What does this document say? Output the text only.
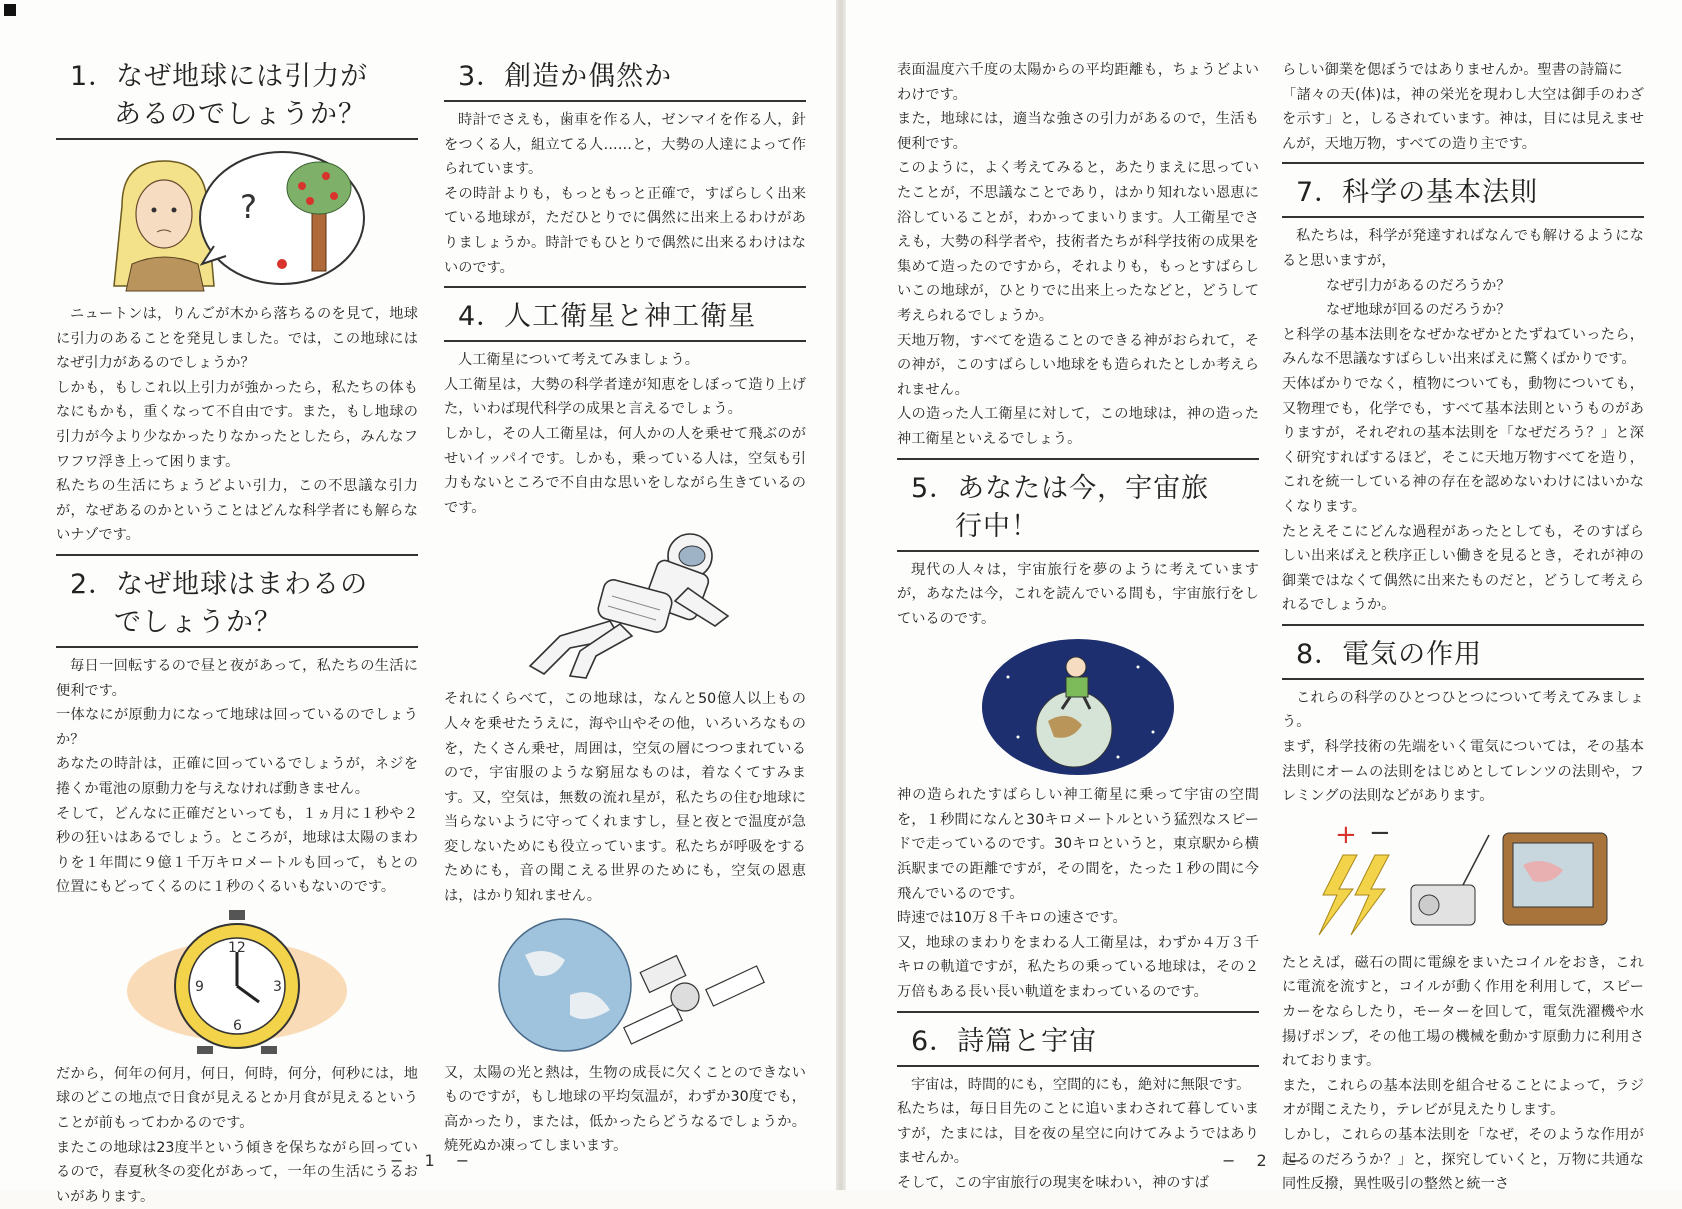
1．なぜ地球には引力が
あるのでしょうか？
?

ニュートンは，りんごが木から落ちるのを見て，地球に引力のあることを発見しました。では，この地球にはなぜ引力があるのでしょうか？

しかも，もしこれ以上引力が強かったら，私たちの体もなにもかも，重くなって不自由です。また，もし地球の引力が今より少なかったりなかったとしたら，みんなフワフワ浮き上って困ります。

私たちの生活にちょうどよい引力，この不思議な引力が，なぜあるのかということはどんな科学者にも解らないナゾです。

2．なぜ地球はまわるの
でしょうか？

毎日一回転するので昼と夜があって，私たちの生活に便利です。

一体なにが原動力になって地球は回っているのでしょうか？

あなたの時計は，正確に回っているでしょうが，ネジを捲くか電池の原動力を与えなければ動きません。

そして，どんなに正確だといっても，１ヵ月に１秒や２秒の狂いはあるでしょう。ところが，地球は太陽のまわりを１年間に９億１千万キロメートルも回って，もとの位置にもどってくるのに１秒のくるいもないのです。

12
3
6
9

だから，何年の何月，何日，何時，何分，何秒には，地球のどこの地点で日食が見えるとか月食が見えるということが前もってわかるのです。

またこの地球は23度半という傾きを保ちながら回っているので，春夏秋冬の変化があって，一年の生活にうるおいがあります。

3．創造か偶然か

時計でさえも，歯車を作る人，ゼンマイを作る人，針をつくる人，組立てる人……と，大勢の人達によって作られています。

その時計よりも，もっともっと正確で，すばらしく出来ている地球が，ただひとりでに偶然に出来上るわけがありましょうか。時計でもひとりで偶然に出来るわけはないのです。

4．人工衛星と神工衛星

人工衛星について考えてみましょう。

人工衛星は，大勢の科学者達が知恵をしぼって造り上げた，いわば現代科学の成果と言えるでしょう。

しかし，その人工衛星は，何人かの人を乗せて飛ぶのがせいイッパイです。しかも，乗っている人は，空気も引力もないところで不自由な思いをしながら生きているのです。

それにくらべて，この地球は，なんと50億人以上もの人々を乗せたうえに，海や山やその他，いろいろなものを，たくさん乗せ，周囲は，空気の層につつまれているので，宇宙服のような窮屈なものは，着なくてすみます。又，空気は，無数の流れ星が，私たちの住む地球に当らないように守ってくれますし，昼と夜とで温度が急変しないためにも役立っています。私たちが呼吸をするためにも，音の聞こえる世界のためにも，空気の恩恵は，はかり知れません。

又，太陽の光と熱は，生物の成長に欠くことのできないものですが，もし地球の平均気温が，わずか30度でも，高かったり，または，低かったらどうなるでしょうか。焼死ぬか凍ってしまいます。

− 1 −

表面温度六千度の太陽からの平均距離も，ちょうどよいわけです。

また，地球には，適当な強さの引力があるので，生活も便利です。

このように，よく考えてみると，あたりまえに思っていたことが，不思議なことであり，はかり知れない恩恵に浴していることが，わかってまいります。人工衛星でさえも，大勢の科学者や，技術者たちが科学技術の成果を集めて造ったのですから，それよりも，もっとすばらしいこの地球が，ひとりでに出来上ったなどと，どうして考えられるでしょうか。

天地万物，すべてを造ることのできる神がおられて，その神が，このすばらしい地球をも造られたとしか考えられません。

人の造った人工衛星に対して，この地球は，神の造った神工衛星といえるでしょう。

5．あなたは今，宇宙旅
行中！

現代の人々は，宇宙旅行を夢のように考えていますが，あなたは今，これを読んでいる間も，宇宙旅行をしているのです。

神の造られたすばらしい神工衛星に乗って宇宙の空間を，１秒間になんと30キロメートルという猛烈なスピードで走っているのです。30キロというと，東京駅から横浜駅までの距離ですが，その間を，たった１秒の間に今飛んでいるのです。

時速では10万８千キロの速さです。

又，地球のまわりをまわる人工衛星は，わずか４万３千キロの軌道ですが，私たちの乗っている地球は，その２万倍もある長い長い軌道をまわっているのです。

6．詩篇と宇宙

宇宙は，時間的にも，空間的にも，絶対に無限です。

私たちは，毎日目先のことに追いまわされて暮していますが，たまには，目を夜の星空に向けてみようではありませんか。

そして，この宇宙旅行の現実を味わい，神のすば

らしい御業を偲ぼうではありませんか。聖書の詩篇に

「諸々の天(体)は，神の栄光を現わし大空は御手のわざを示す」と，しるされています。神は，目には見えませんが，天地万物，すべての造り主です。

7．科学の基本法則

私たちは，科学が発達すればなんでも解けるようになると思いますが，

なぜ引力があるのだろうか？

なぜ地球が回るのだろうか？

と科学の基本法則をなぜかなぜかとたずねていったら，みんな不思議なすばらしい出来ばえに驚くばかりです。

天体ばかりでなく，植物についても，動物についても，又物理でも，化学でも，すべて基本法則というものがありますが，それぞれの基本法則を「なぜだろう？」と深く研究すればするほど，そこに天地万物すべてを造り，これを統一している神の存在を認めないわけにはいかなくなります。

たとえそこにどんな過程があったとしても，そのすばらしい出来ばえと秩序正しい働きを見るとき，それが神の御業ではなくて偶然に出来たものだと，どうして考えられるでしょうか。

8．電気の作用

これらの科学のひとつひとつについて考えてみましょう。

まず，科学技術の先端をいく電気については，その基本法則にオームの法則をはじめとしてレンツの法則や，フレミングの法則などがあります。

+ −

たとえば，磁石の間に電線をまいたコイルをおき，これに電流を流すと，コイルが動く作用を利用して，スピーカーをならしたり，モーターを回して，電気洗濯機や水揚げポンプ，その他工場の機械を動かす原動力に利用されております。

また，これらの基本法則を組合せることによって，ラジオが聞こえたり，テレビが見えたりします。

しかし，これらの基本法則を「なぜ，そのような作用が起るのだろうか？」と，探究していくと，万物に共通な同性反撥，異性吸引の整然と統一さ

− 2 −
